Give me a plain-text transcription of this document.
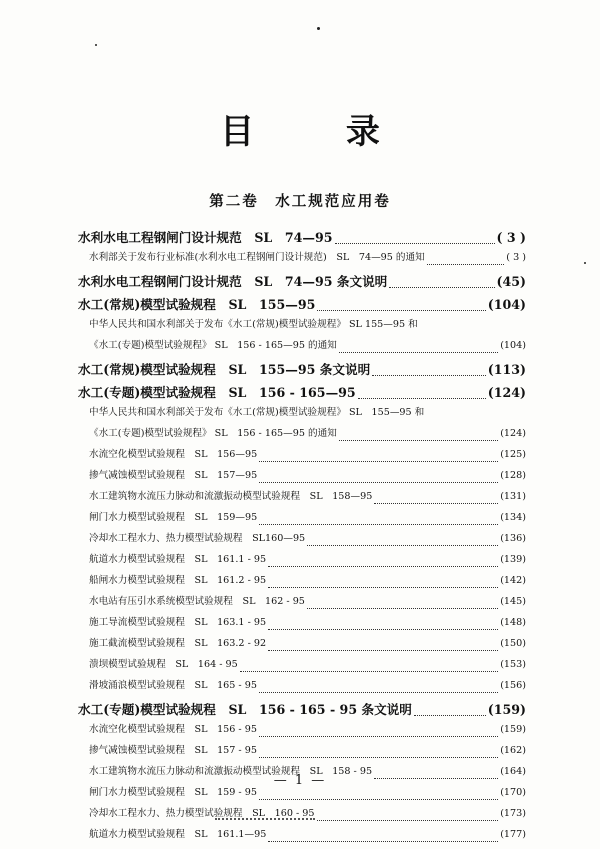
目 录
第二卷　水工规范应用卷
水利水电工程钢闸门设计规范　SL　74—95	( 3 )
水利部关于发布行业标准(水利水电工程钢闸门设计规范)　SL　74—95 的通知	( 3 )
水利水电工程钢闸门设计规范　SL　74—95 条文说明	(45)
水工(常规)模型试验规程　SL　155—95	(104)
中华人民共和国水利部关于发布《水工(常规)模型试验规程》 SL 155—95 和
《水工(专题)模型试验规程》 SL　156 - 165—95 的通知	(104)
水工(常规)模型试验规程　SL　155—95 条文说明	(113)
水工(专题)模型试验规程　SL　156 - 165—95	(124)
中华人民共和国水利部关于发布《水工(常规)模型试验规程》 SL　155—95 和
《水工(专题)模型试验规程》 SL　156 - 165—95 的通知	(124)
水流空化模型试验规程　SL　156—95	(125)
掺气减蚀模型试验规程　SL　157—95	(128)
水工建筑物水流压力脉动和流激振动模型试验规程　SL　158—95	(131)
闸门水力模型试验规程　SL　159—95	(134)
冷却水工程水力、热力模型试验规程　SL160—95	(136)
航道水力模型试验规程　SL　161.1 - 95	(139)
船闸水力模型试验规程　SL　161.2 - 95	(142)
水电站有压引水系统模型试验规程　SL　162 - 95	(145)
施工导流模型试验规程　SL　163.1 - 95	(148)
施工截流模型试验规程　SL　163.2 - 92	(150)
溃坝模型试验规程　SL　164 - 95	(153)
滑坡涌浪模型试验规程　SL　165 - 95	(156)
水工(专题)模型试验规程　SL　156 - 165 - 95 条文说明	(159)
水流空化模型试验规程　SL　156 - 95	(159)
掺气减蚀模型试验规程　SL　157 - 95	(162)
水工建筑物水流压力脉动和流激振动模型试验规程　SL　158 - 95	(164)
闸门水力模型试验规程　SL　159 - 95	(170)
冷却水工程水力、热力模型试验规程　SL　160 - 95	(173)
航道水力模型试验规程　SL　161.1—95	(177)
— 1 —
